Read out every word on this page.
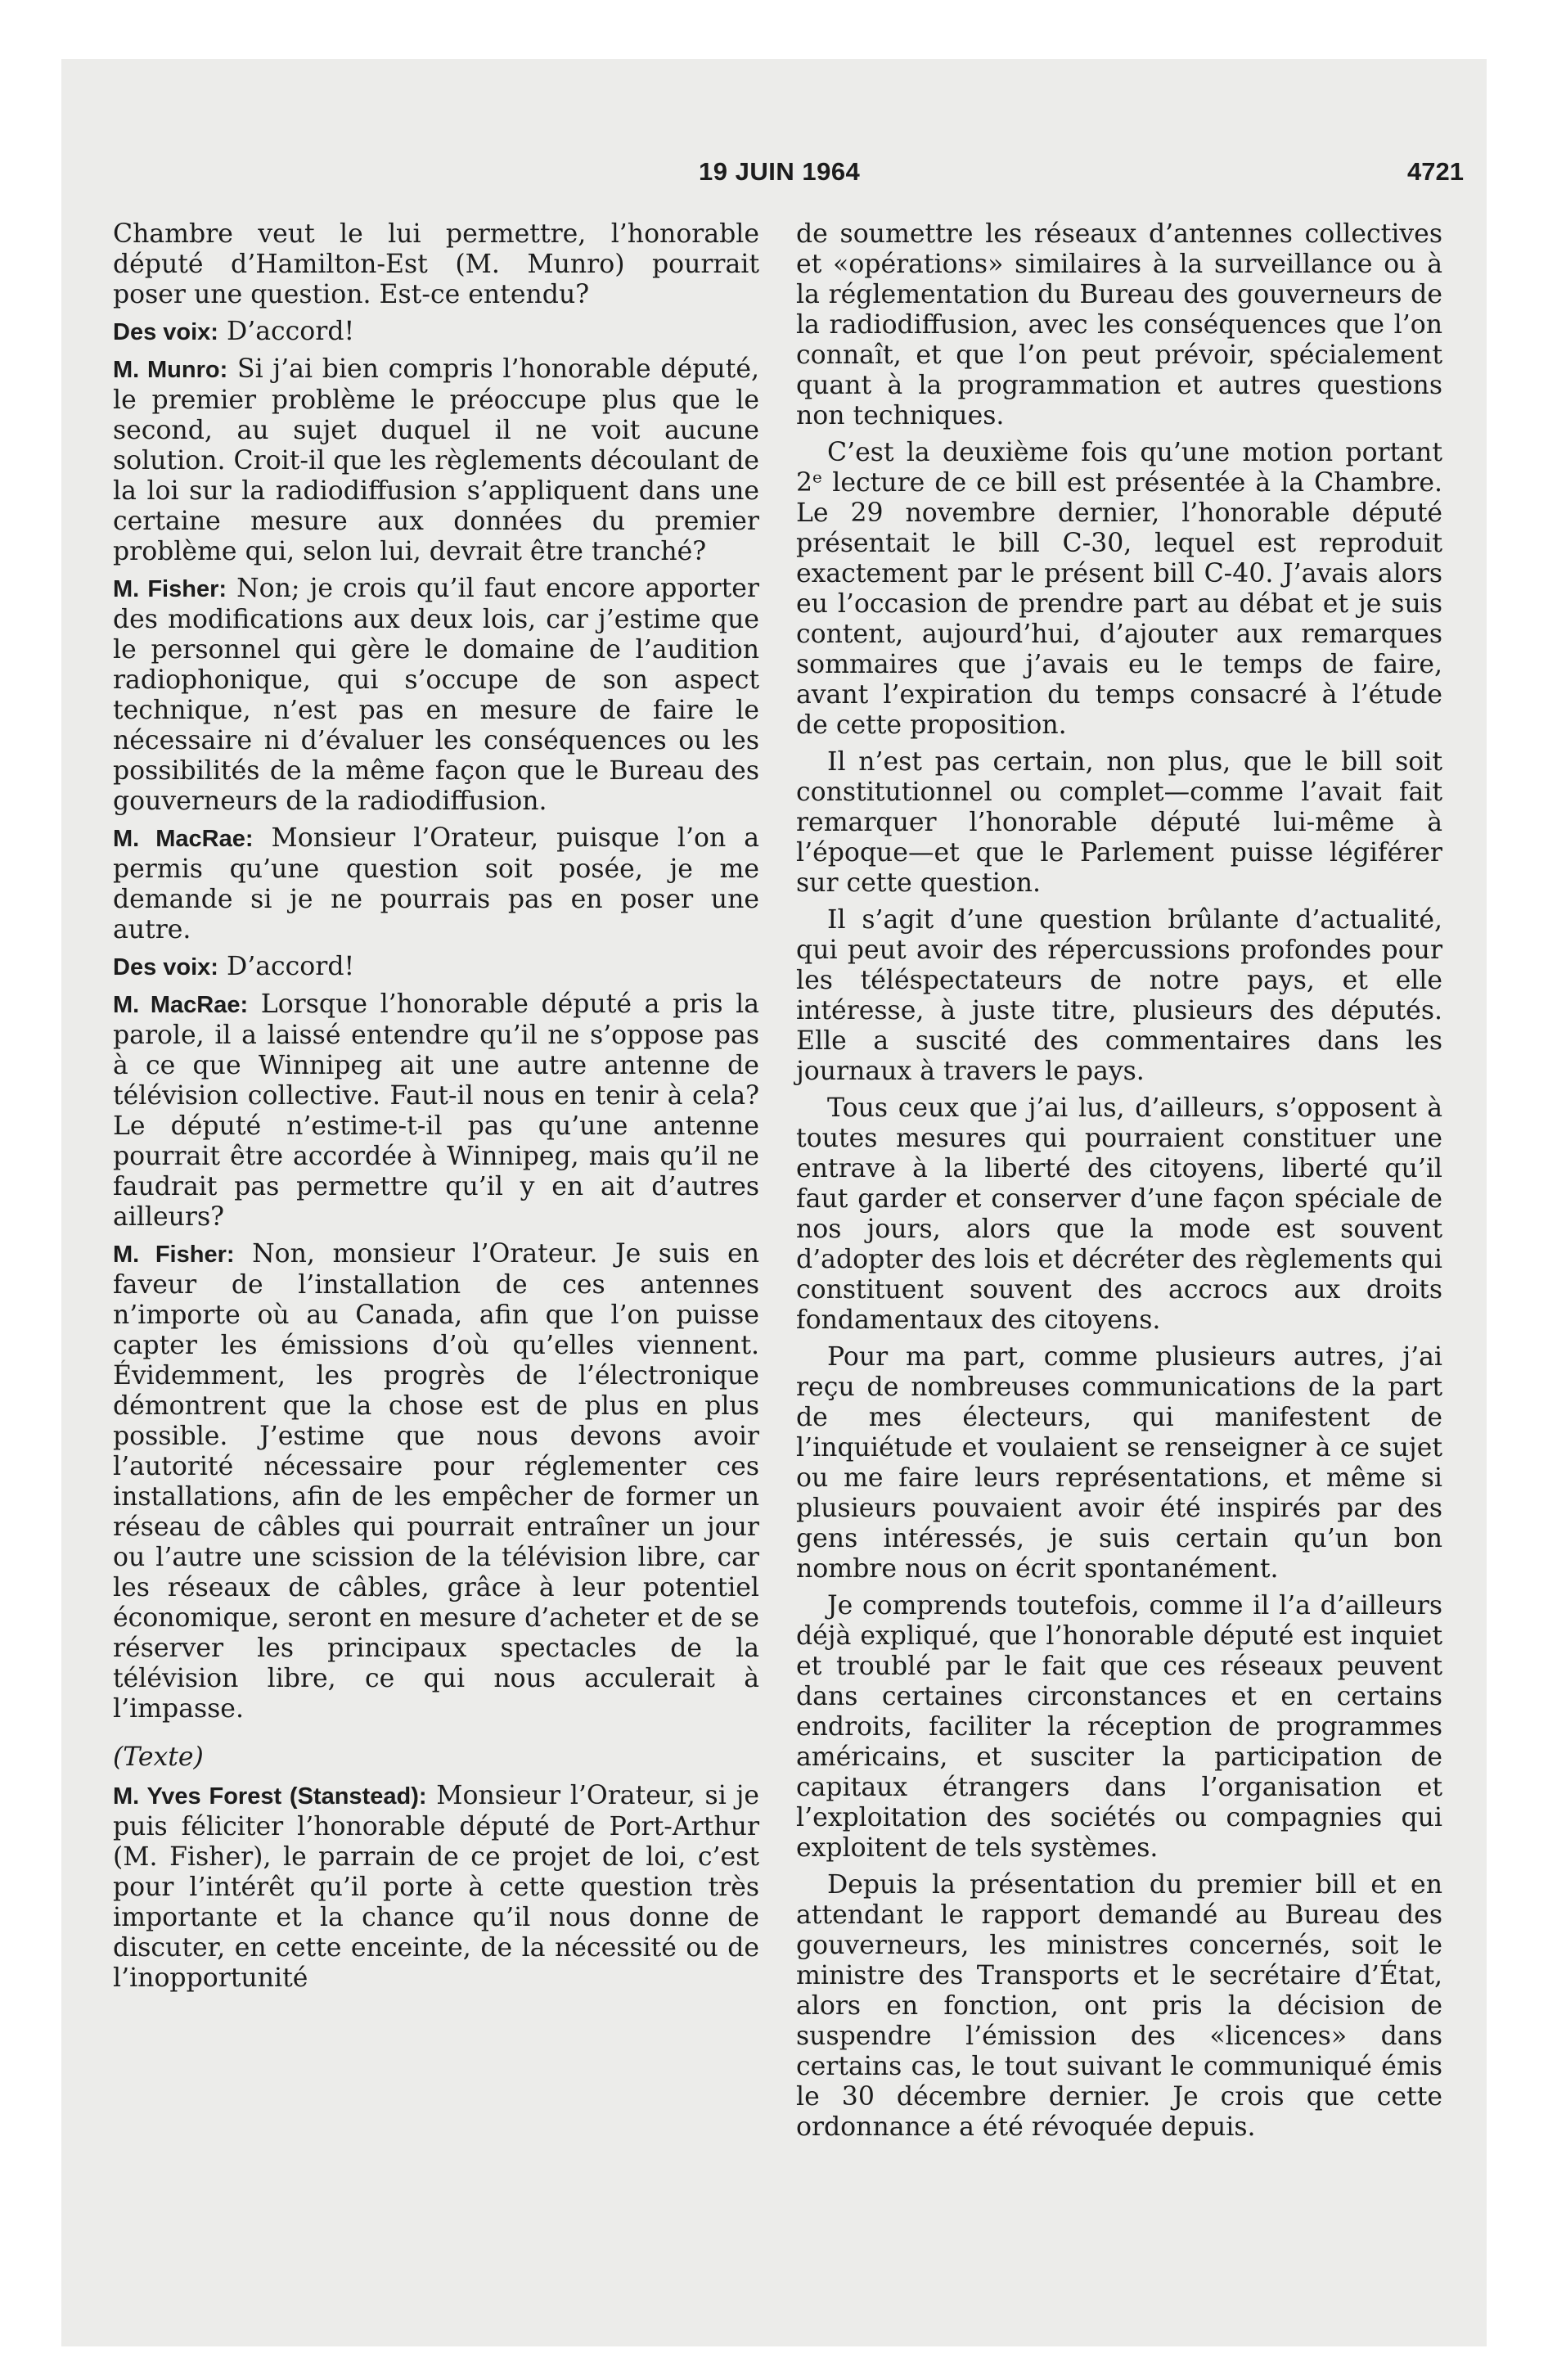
19 JUIN 1964	4721

Chambre veut le lui permettre, l’honorable député d’Hamilton-Est (M. Munro) pourrait poser une question. Est-ce entendu?

Des voix: D’accord!

M. Munro: Si j’ai bien compris l’honorable député, le premier problème le préoccupe plus que le second, au sujet duquel il ne voit aucune solution. Croit-il que les règlements découlant de la loi sur la radiodiffusion s’appliquent dans une certaine mesure aux données du premier problème qui, selon lui, devrait être tranché?

M. Fisher: Non; je crois qu’il faut encore apporter des modifications aux deux lois, car j’estime que le personnel qui gère le domaine de l’audition radiophonique, qui s’occupe de son aspect technique, n’est pas en mesure de faire le nécessaire ni d’évaluer les conséquences ou les possibilités de la même façon que le Bureau des gouverneurs de la radiodiffusion.

M. MacRae: Monsieur l’Orateur, puisque l’on a permis qu’une question soit posée, je me demande si je ne pourrais pas en poser une autre.

Des voix: D’accord!

M. MacRae: Lorsque l’honorable député a pris la parole, il a laissé entendre qu’il ne s’oppose pas à ce que Winnipeg ait une autre antenne de télévision collective. Faut-il nous en tenir à cela? Le député n’estime-t-il pas qu’une antenne pourrait être accordée à Winnipeg, mais qu’il ne faudrait pas permettre qu’il y en ait d’autres ailleurs?

M. Fisher: Non, monsieur l’Orateur. Je suis en faveur de l’installation de ces antennes n’importe où au Canada, afin que l’on puisse capter les émissions d’où qu’elles viennent. Évidemment, les progrès de l’électronique démontrent que la chose est de plus en plus possible. J’estime que nous devons avoir l’autorité nécessaire pour réglementer ces installations, afin de les empêcher de former un réseau de câbles qui pourrait entraîner un jour ou l’autre une scission de la télévision libre, car les réseaux de câbles, grâce à leur potentiel économique, seront en mesure d’acheter et de se réserver les principaux spectacles de la télévision libre, ce qui nous acculerait à l’impasse.

(Texte)

M. Yves Forest (Stanstead): Monsieur l’Orateur, si je puis féliciter l’honorable député de Port-Arthur (M. Fisher), le parrain de ce projet de loi, c’est pour l’intérêt qu’il porte à cette question très importante et la chance qu’il nous donne de discuter, en cette enceinte, de la nécessité ou de l’inopportunité

de soumettre les réseaux d’antennes collectives et «opérations» similaires à la surveillance ou à la réglementation du Bureau des gouverneurs de la radiodiffusion, avec les conséquences que l’on connaît, et que l’on peut prévoir, spécialement quant à la programmation et autres questions non techniques.

C’est la deuxième fois qu’une motion portant 2ᵉ lecture de ce bill est présentée à la Chambre. Le 29 novembre dernier, l’honorable député présentait le bill C-30, lequel est reproduit exactement par le présent bill C-40. J’avais alors eu l’occasion de prendre part au débat et je suis content, aujourd’hui, d’ajouter aux remarques sommaires que j’avais eu le temps de faire, avant l’expiration du temps consacré à l’étude de cette proposition.

Il n’est pas certain, non plus, que le bill soit constitutionnel ou complet—comme l’avait fait remarquer l’honorable député lui-même à l’époque—et que le Parlement puisse légiférer sur cette question.

Il s’agit d’une question brûlante d’actualité, qui peut avoir des répercussions profondes pour les téléspectateurs de notre pays, et elle intéresse, à juste titre, plusieurs des députés. Elle a suscité des commentaires dans les journaux à travers le pays.

Tous ceux que j’ai lus, d’ailleurs, s’opposent à toutes mesures qui pourraient constituer une entrave à la liberté des citoyens, liberté qu’il faut garder et conserver d’une façon spéciale de nos jours, alors que la mode est souvent d’adopter des lois et décréter des règlements qui constituent souvent des accrocs aux droits fondamentaux des citoyens.

Pour ma part, comme plusieurs autres, j’ai reçu de nombreuses communications de la part de mes électeurs, qui manifestent de l’inquiétude et voulaient se renseigner à ce sujet ou me faire leurs représentations, et même si plusieurs pouvaient avoir été inspirés par des gens intéressés, je suis certain qu’un bon nombre nous on écrit spontanément.

Je comprends toutefois, comme il l’a d’ailleurs déjà expliqué, que l’honorable député est inquiet et troublé par le fait que ces réseaux peuvent dans certaines circonstances et en certains endroits, faciliter la réception de programmes américains, et susciter la participation de capitaux étrangers dans l’organisation et l’exploitation des sociétés ou compagnies qui exploitent de tels systèmes.

Depuis la présentation du premier bill et en attendant le rapport demandé au Bureau des gouverneurs, les ministres concernés, soit le ministre des Transports et le secrétaire d’État, alors en fonction, ont pris la décision de suspendre l’émission des «licences» dans certains cas, le tout suivant le communiqué émis le 30 décembre dernier. Je crois que cette ordonnance a été révoquée depuis.
